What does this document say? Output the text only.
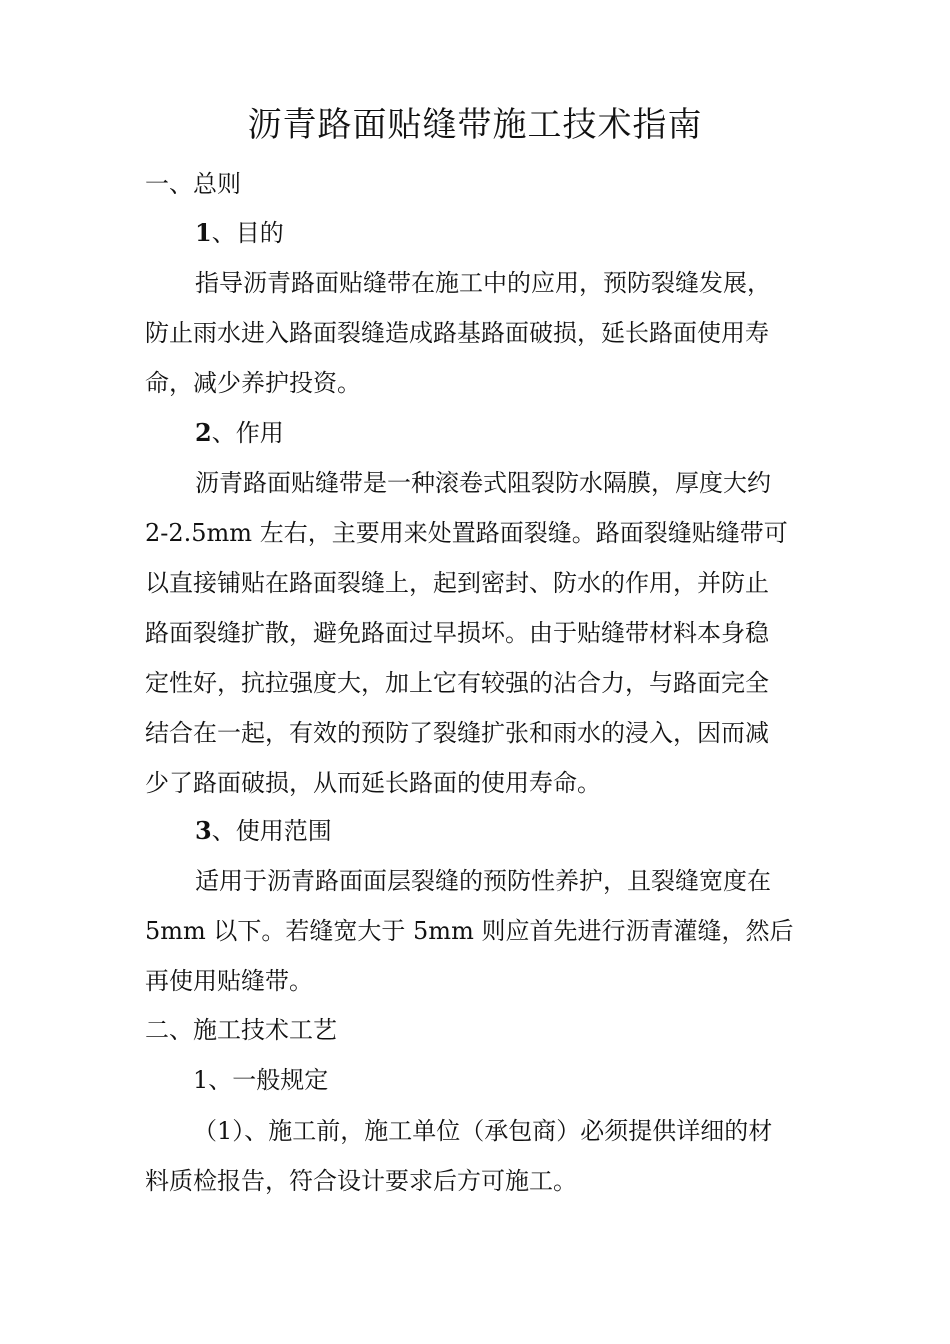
沥青路面贴缝带施工技术指南

一、总则

1、目的

指导沥青路面贴缝带在施工中的应用，预防裂缝发展，

防止雨水进入路面裂缝造成路基路面破损，延长路面使用寿

命，减少养护投资。

2、作用

沥青路面贴缝带是一种滚卷式阻裂防水隔膜，厚度大约

2-2.5mm 左右，主要用来处置路面裂缝。路面裂缝贴缝带可

以直接铺贴在路面裂缝上，起到密封、防水的作用，并防止

路面裂缝扩散，避免路面过早损坏。由于贴缝带材料本身稳

定性好，抗拉强度大，加上它有较强的沾合力，与路面完全

结合在一起，有效的预防了裂缝扩张和雨水的浸入，因而减

少了路面破损，从而延长路面的使用寿命。

3、使用范围

适用于沥青路面面层裂缝的预防性养护，且裂缝宽度在

5mm 以下。若缝宽大于 5mm 则应首先进行沥青灌缝，然后

再使用贴缝带。

二、施工技术工艺

1、一般规定

（1）、施工前，施工单位（承包商）必须提供详细的材

料质检报告，符合设计要求后方可施工。
